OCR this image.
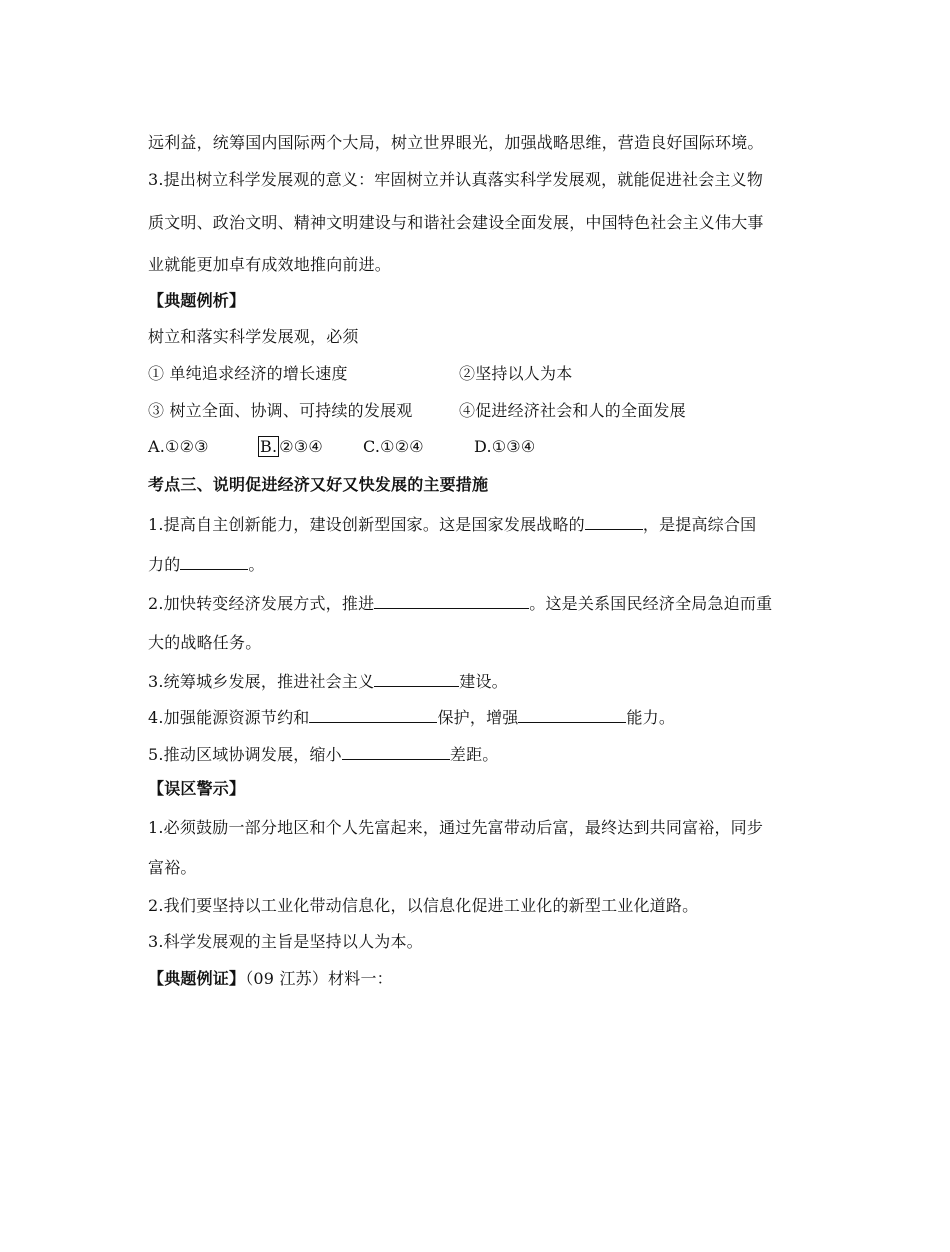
远利益，统筹国内国际两个大局，树立世界眼光，加强战略思维，营造良好国际环境。
3.提出树立科学发展观的意义：牢固树立并认真落实科学发展观，就能促进社会主义物
质文明、政治文明、精神文明建设与和谐社会建设全面发展，中国特色社会主义伟大事
业就能更加卓有成效地推向前进。
【典题例析】
树立和落实科学发展观，必须
① 单纯追求经济的增长速度	②坚持以人为本
③ 树立全面、协调、可持续的发展观	④促进经济社会和人的全面发展
A.①②③	B. ②③④	C.①②④	D.①③④
考点三、说明促进经济又好又快发展的主要措施
1.提高自主创新能力，建设创新型国家。这是国家发展战略的	，是提高综合国
力的	。
2.加快转变经济发展方式，推进	。这是关系国民经济全局急迫而重
大的战略任务。
3.统筹城乡发展，推进社会主义	建设。
4.加强能源资源节约和	保护，增强	能力。
5.推动区域协调发展，缩小	差距。
【误区警示】
1.必须鼓励一部分地区和个人先富起来，通过先富带动后富，最终达到共同富裕，同步
富裕。
2.我们要坚持以工业化带动信息化，以信息化促进工业化的新型工业化道路。
3.科学发展观的主旨是坚持以人为本。
【典题例证】（09 江苏）材料一：
